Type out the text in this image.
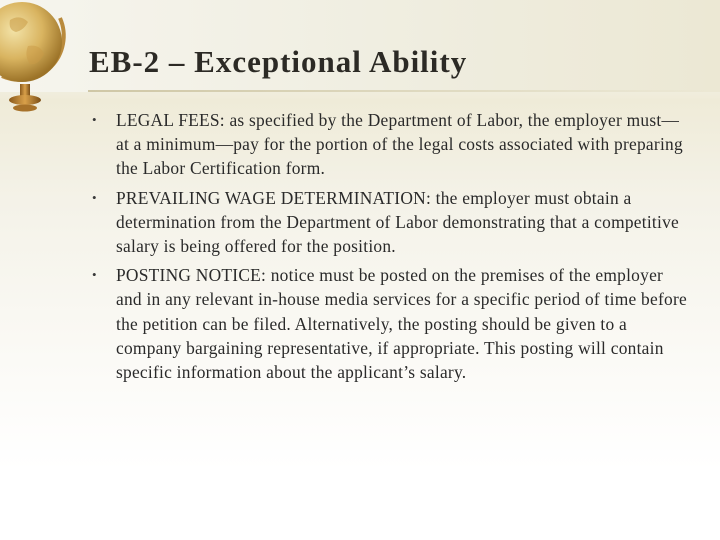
EB-2 – Exceptional Ability
• LEGAL FEES: as specified by the Department of Labor, the employer must—at a minimum—pay for the portion of the legal costs associated with preparing the Labor Certification form.
• PREVAILING WAGE DETERMINATION: the employer must obtain a determination from the Department of Labor demonstrating that a competitive salary is being offered for the position.
• POSTING NOTICE: notice must be posted on the premises of the employer and in any relevant in-house media services for a specific period of time before the petition can be filed. Alternatively, the posting should be given to a company bargaining representative, if appropriate. This posting will contain specific information about the applicant’s salary.
